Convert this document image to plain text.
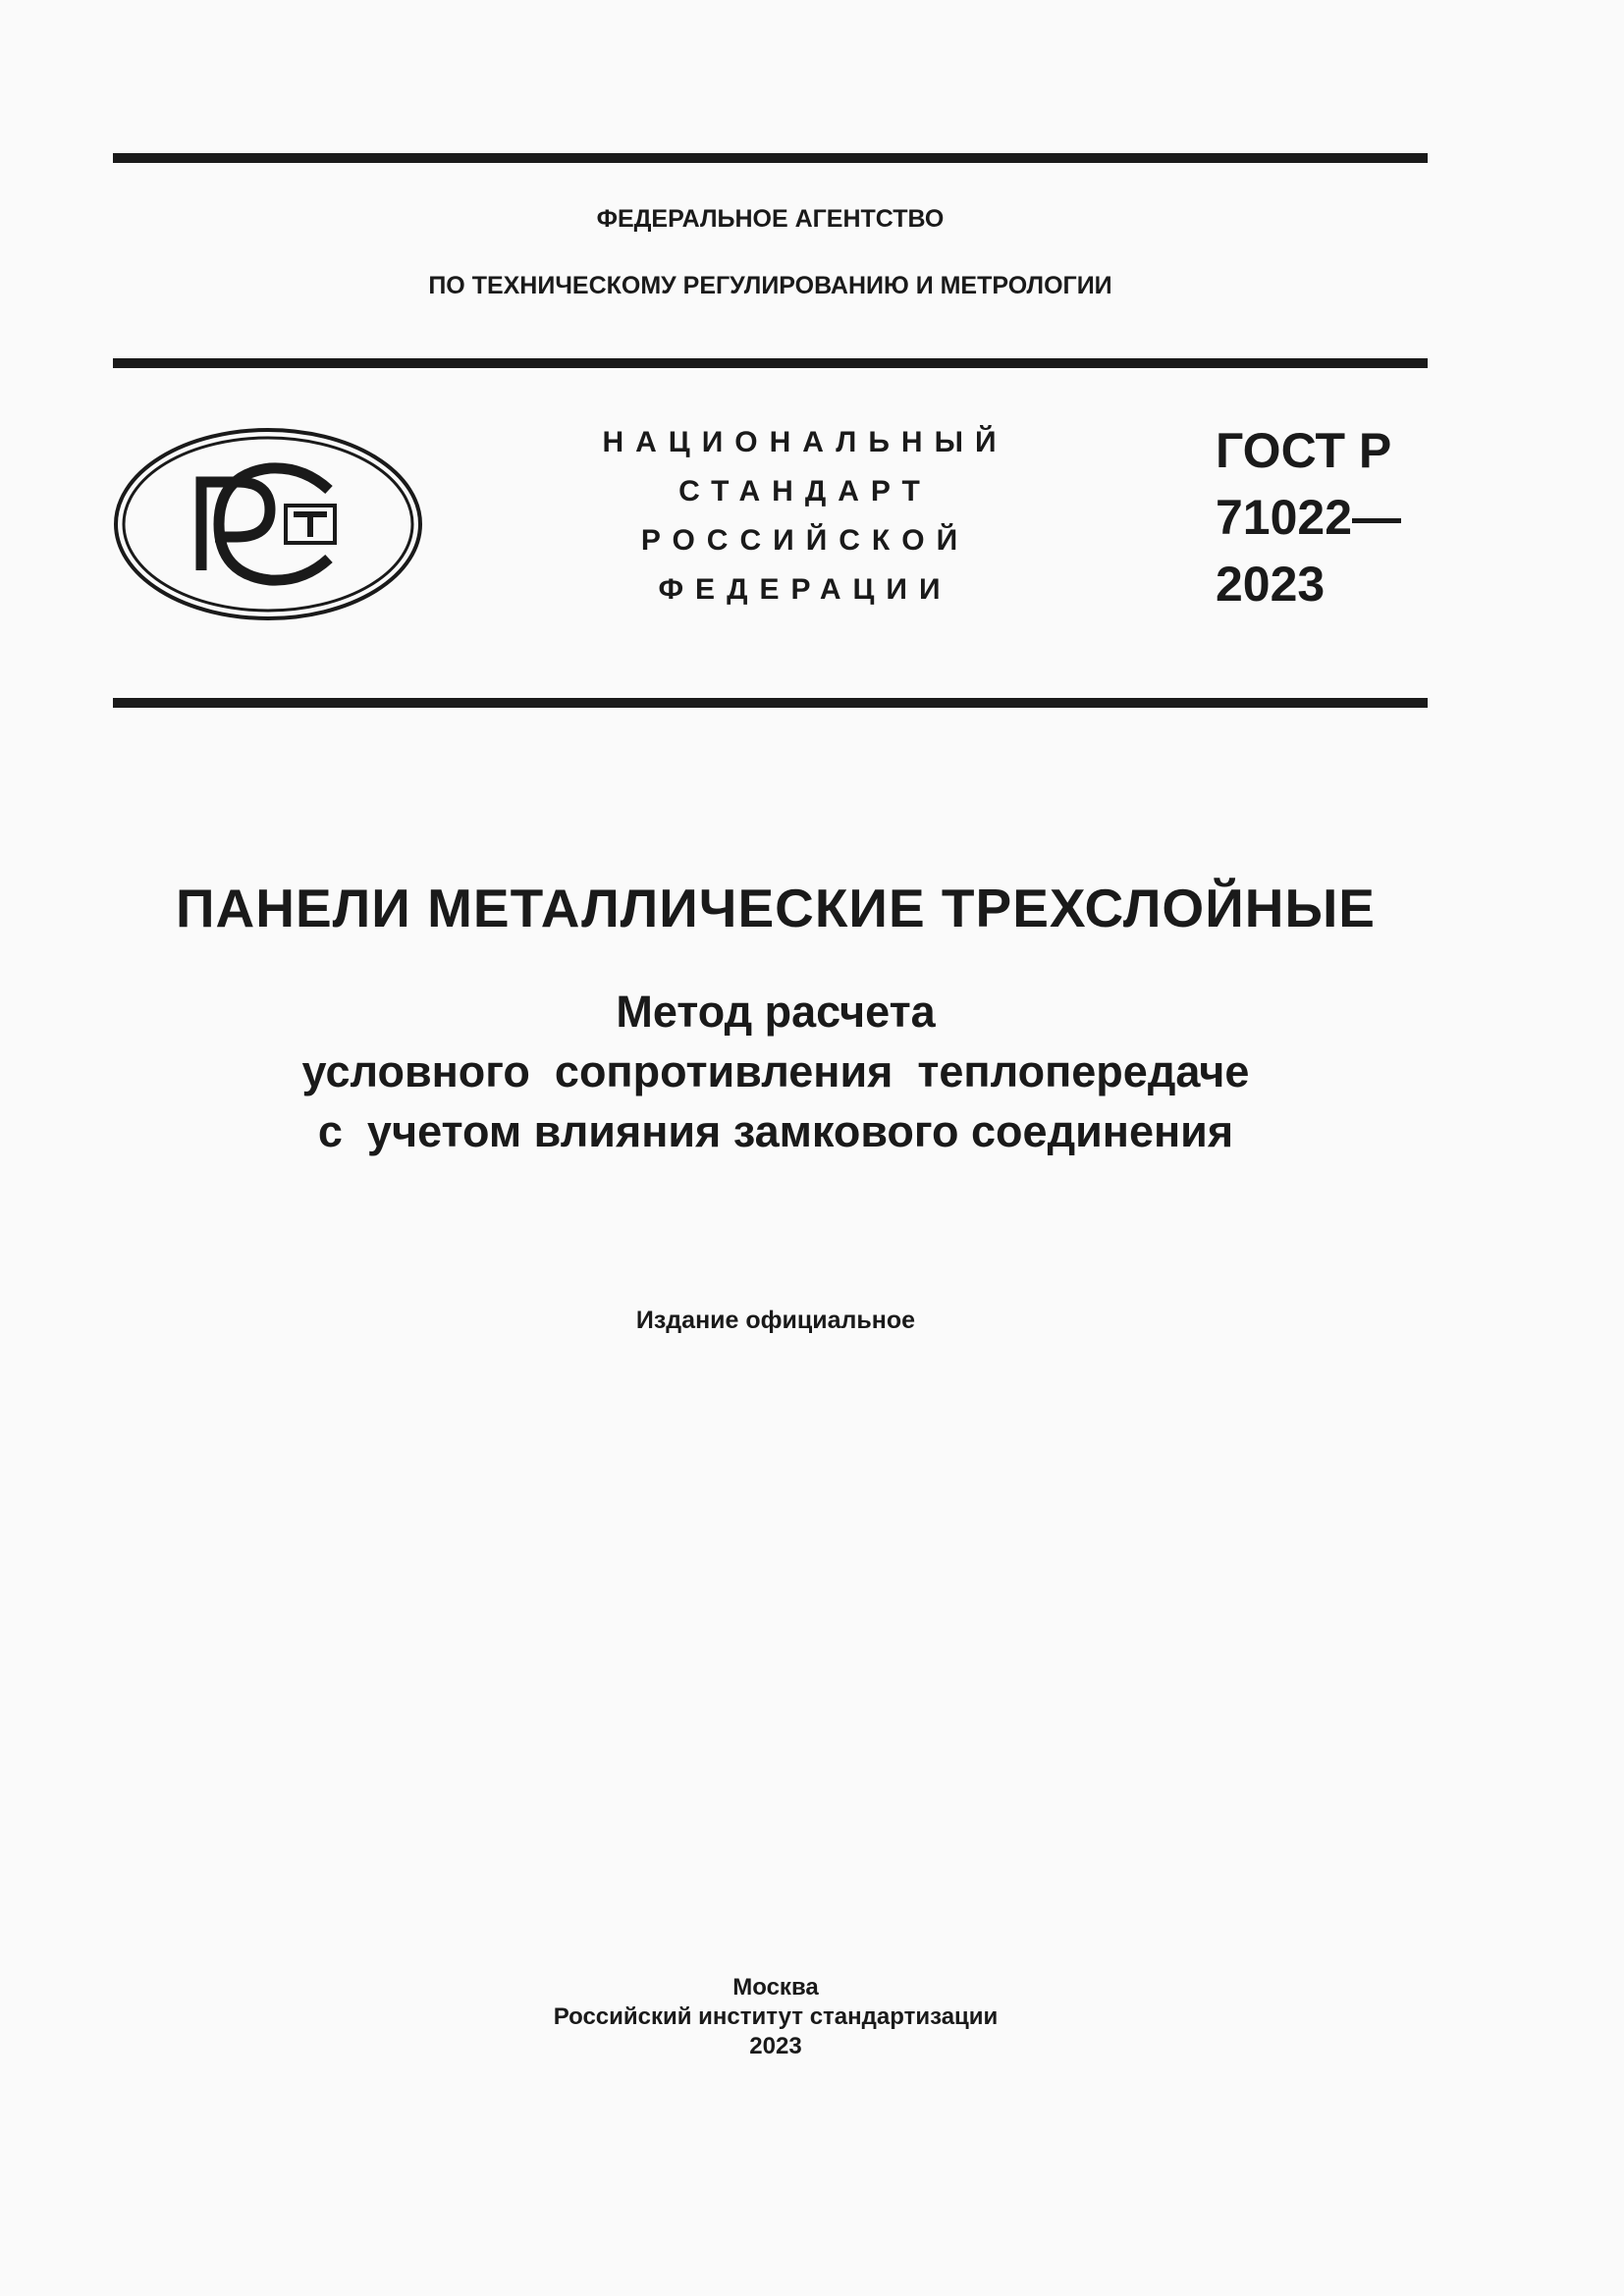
ФЕДЕРАЛЬНОЕ АГЕНТСТВО
ПО ТЕХНИЧЕСКОМУ РЕГУЛИРОВАНИЮ И МЕТРОЛОГИИ
НАЦИОНАЛЬНЫЙ
СТАНДАРТ
РОССИЙСКОЙ
ФЕДЕРАЦИИ
ГОСТ Р
71022—
2023
ПАНЕЛИ МЕТАЛЛИЧЕСКИЕ ТРЕХСЛОЙНЫЕ
Метод расчета
условного  сопротивления  теплопередаче
с  учетом влияния замкового соединения
Издание официальное
Москва
Российский институт стандартизации
2023
